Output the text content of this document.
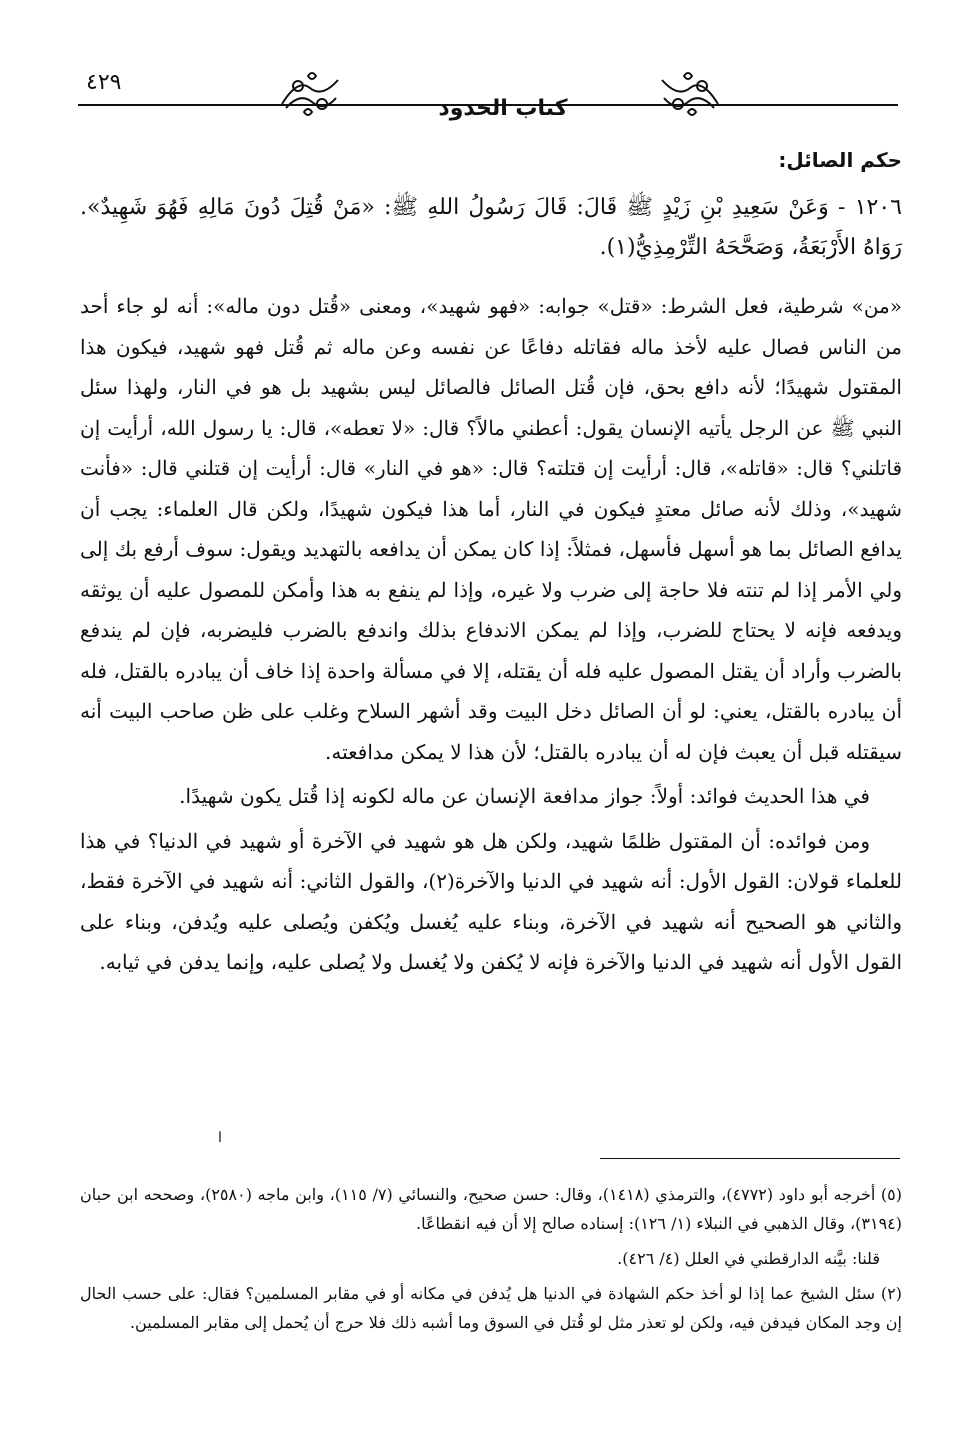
٤٢٩
كتاب الحدود
حكم الصائل:

١٢٠٦ - وَعَنْ سَعِيدِ بْنِ زَيْدٍ ﷺ قَالَ: قَالَ رَسُولُ اللهِ ﷺ: «مَنْ قُتِلَ دُونَ مَالِهِ فَهُوَ شَهِيدٌ». رَوَاهُ الأَرْبَعَةُ، وَصَحَّحَهُ التِّرْمِذِيُّ(١).

«من» شرطية، فعل الشرط: «قتل» جوابه: «فهو شهيد»، ومعنى «قُتل دون ماله»: أنه لو جاء أحد من الناس فصال عليه لأخذ ماله فقاتله دفاعًا عن نفسه وعن ماله ثم قُتل فهو شهيد، فيكون هذا المقتول شهيدًا؛ لأنه دافع بحق، فإن قُتل الصائل فالصائل ليس بشهيد بل هو في النار، ولهذا سئل النبي ﷺ عن الرجل يأتيه الإنسان يقول: أعطني مالاً؟ قال: «لا تعطه»، قال: يا رسول الله، أرأيت إن قاتلني؟ قال: «قاتله»، قال: أرأيت إن قتلته؟ قال: «هو في النار» قال: أرأيت إن قتلني قال: «فأنت شهيد»، وذلك لأنه صائل معتدٍ فيكون في النار، أما هذا فيكون شهيدًا، ولكن قال العلماء: يجب أن يدافع الصائل بما هو أسهل فأسهل، فمثلاً: إذا كان يمكن أن يدافعه بالتهديد ويقول: سوف أرفع بك إلى ولي الأمر إذا لم تنته فلا حاجة إلى ضرب ولا غيره، وإذا لم ينفع به هذا وأمكن للمصول عليه أن يوثقه ويدفعه فإنه لا يحتاج للضرب، وإذا لم يمكن الاندفاع بذلك واندفع بالضرب فليضربه، فإن لم يندفع بالضرب وأراد أن يقتل المصول عليه فله أن يقتله، إلا في مسألة واحدة إذا خاف أن يبادره بالقتل، فله أن يبادره بالقتل، يعني: لو أن الصائل دخل البيت وقد أشهر السلاح وغلب على ظن صاحب البيت أنه سيقتله قبل أن يعبث فإن له أن يبادره بالقتل؛ لأن هذا لا يمكن مدافعته.

في هذا الحديث فوائد: أولاً: جواز مدافعة الإنسان عن ماله لكونه إذا قُتل يكون شهيدًا.

ومن فوائده: أن المقتول ظلمًا شهيد، ولكن هل هو شهيد في الآخرة أو شهيد في الدنيا؟ في هذا للعلماء قولان: القول الأول: أنه شهيد في الدنيا والآخرة(٢)، والقول الثاني: أنه شهيد في الآخرة فقط، والثاني هو الصحيح أنه شهيد في الآخرة، وبناء عليه يُغسل ويُكفن ويُصلى عليه ويُدفن، وبناء على القول الأول أنه شهيد في الدنيا والآخرة فإنه لا يُكفن ولا يُغسل ولا يُصلى عليه، وإنما يدفن في ثيابه.

ا

(٥) أخرجه أبو داود (٤٧٧٢)، والترمذي (١٤١٨)، وقال: حسن صحيح، والنسائي (٧/ ١١٥)، وابن ماجه (٢٥٨٠)، وصححه ابن حبان (٣١٩٤)، وقال الذهبي في النبلاء (١/ ١٢٦): إسناده صالح إلا أن فيه انقطاعًا.

قلنا: بيَّنه الدارقطني في العلل (٤/ ٤٢٦).

(٢) سئل الشيخ عما إذا لو أخذ حكم الشهادة في الدنيا هل يُدفن في مكانه أو في مقابر المسلمين؟ فقال: على حسب الحال إن وجد المكان فيدفن فيه، ولكن لو تعذر مثل لو قُتل في السوق وما أشبه ذلك فلا حرج أن يُحمل إلى مقابر المسلمين.
